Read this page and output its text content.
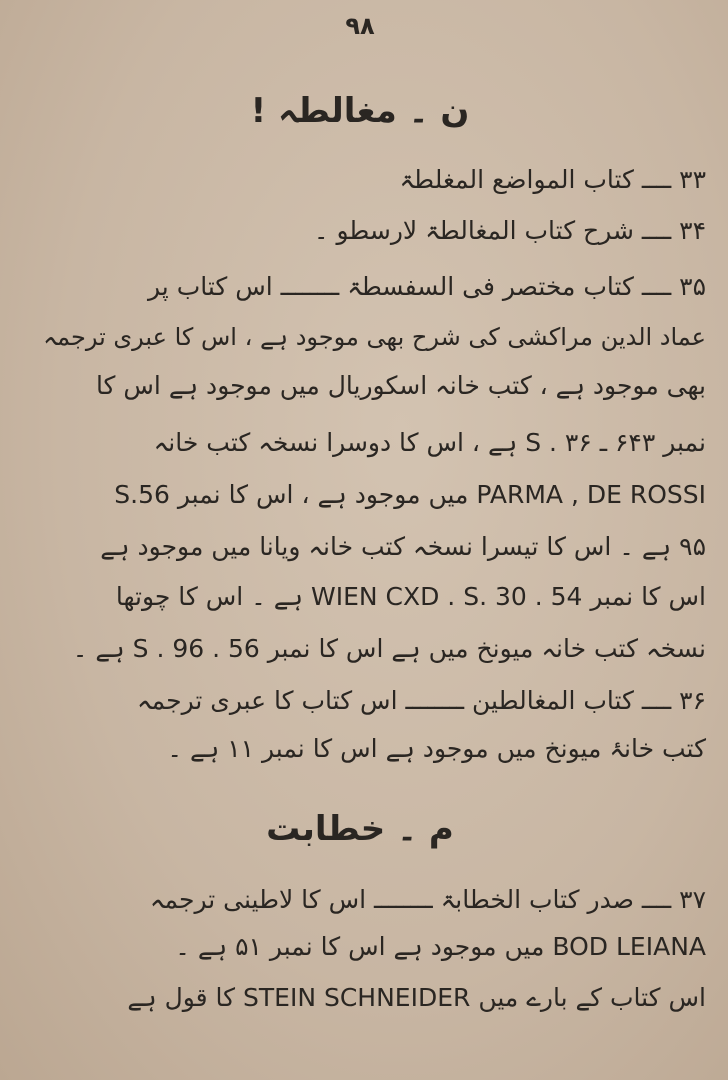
۹۸
ن ۔ مغالطہ !
۳۳ ــــ کتاب المواضع المغلطۃ
۳۴ ــــ شرح کتاب المغالطۃ لارسطو ۔
۳۵ ــــ کتاب مختصر فی السفسطۃ ــــــــ اس کتاب پر
عماد الدین مراکشی کی شرح بھی موجود ہے ، اس کا عبری ترجمہ
بھی موجود ہے ، کتب خانہ اسکوریال میں موجود ہے اس کا
نمبر ۶۴۳ ـ ۳۶ . S ہے ، اس کا دوسرا نسخہ کتب خانہ
PARMA , DE ROSSI میں موجود ہے ، اس کا نمبر S.56
۹۵ ہے ۔ اس کا تیسرا نسخہ کتب خانہ ویانا میں موجود ہے
اس کا نمبر WIEN CXD . S. 30 . 54 ہے ۔ اس کا چوتھا
نسخہ کتب خانہ میونخ میں ہے اس کا نمبر 56 . 96 . S ہے ۔
۳۶ ــــ کتاب المغالطین ــــــــ اس کتاب کا عبری ترجمہ
کتب خانۂ میونخ میں موجود ہے اس کا نمبر ۱۱ ہے ۔
م ۔ خطابت
۳۷ ــــ صدر کتاب الخطابۃ ــــــــ اس کا لاطینی ترجمہ
BOD LEIANA میں موجود ہے اس کا نمبر ۵۱ ہے ۔
اس کتاب کے بارے میں STEIN SCHNEIDER کا قول ہے
